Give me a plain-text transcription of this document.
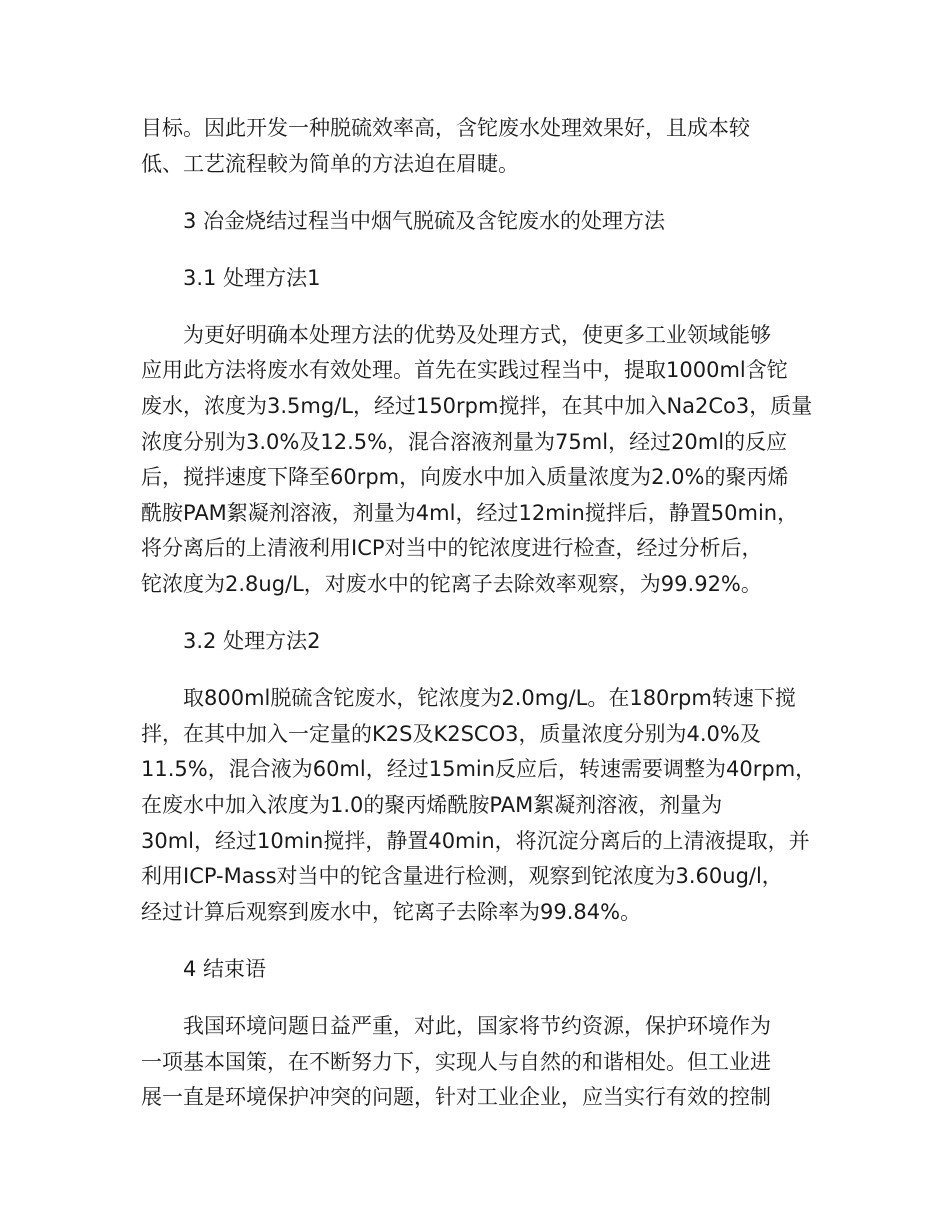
目标。因此开发一种脱硫效率高，含铊废水处理效果好，且成本较
低、工艺流程較为简单的方法迫在眉睫。
3 冶金烧结过程当中烟气脱硫及含铊废水的处理方法
3.1 处理方法1
为更好明确本处理方法的优势及处理方式，使更多工业领域能够
应用此方法将废水有效处理。首先在实践过程当中，提取1000ml含铊
废水，浓度为3.5mg/L，经过150rpm搅拌，在其中加入Na2Co3，质量
浓度分别为3.0%及12.5%，混合溶液剂量为75ml，经过20ml的反应
后，搅拌速度下降至60rpm，向废水中加入质量浓度为2.0%的聚丙烯
酰胺PAM絮凝剂溶液，剂量为4ml，经过12min搅拌后，静置50min，
将分离后的上清液利用ICP对当中的铊浓度进行检查，经过分析后，
铊浓度为2.8ug/L，对废水中的铊离子去除效率观察，为99.92%。
3.2 处理方法2
取800ml脱硫含铊废水，铊浓度为2.0mg/L。在180rpm转速下搅
拌，在其中加入一定量的K2S及K2SCO3，质量浓度分别为4.0%及
11.5%，混合液为60ml，经过15min反应后，转速需要调整为40rpm，
在废水中加入浓度为1.0的聚丙烯酰胺PAM絮凝剂溶液，剂量为
30ml，经过10min搅拌，静置40min，将沉淀分离后的上清液提取，并
利用ICP-Mass对当中的铊含量进行检测，观察到铊浓度为3.60ug/l，
经过计算后观察到废水中，铊离子去除率为99.84%。
4 结束语
我国环境问题日益严重，对此，国家将节约资源，保护环境作为
一项基本国策，在不断努力下，实现人与自然的和谐相处。但工业进
展一直是环境保护冲突的问题，针对工业企业，应当实行有效的控制
